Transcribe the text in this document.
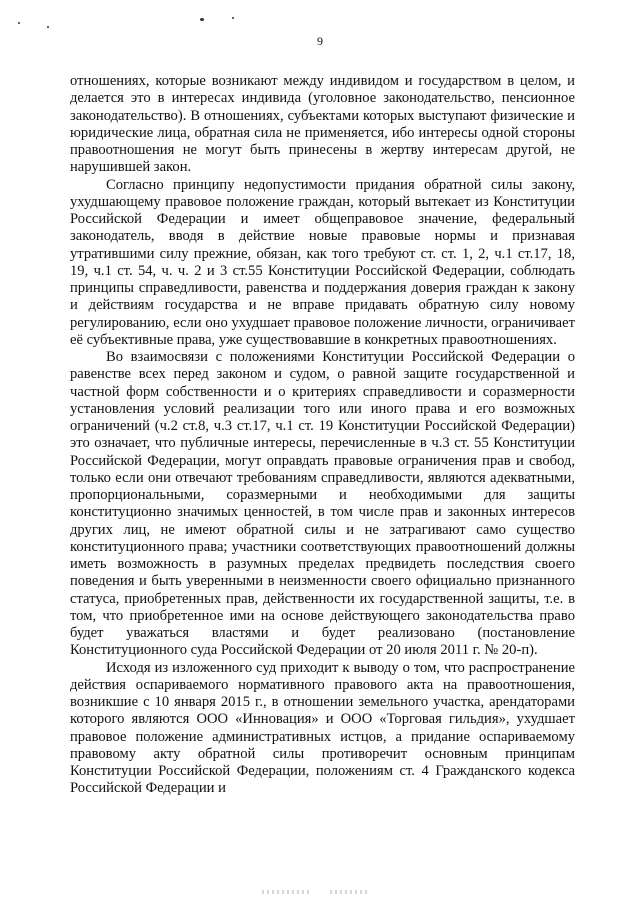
9

отношениях, которые возникают между индивидом и государством в целом, и делается это в интересах индивида (уголовное законодательство, пенсионное законодательство). В отношениях, субъектами которых выступают физические и юридические лица, обратная сила не применяется, ибо интересы одной стороны правоотношения не могут быть принесены в жертву интересам другой, не нарушившей закон.

Согласно принципу недопустимости придания обратной силы закону, ухудшающему правовое положение граждан, который вытекает из Конституции Российской Федерации и имеет общеправовое значение, федеральный законодатель, вводя в действие новые правовые нормы и признавая утратившими силу прежние, обязан, как того требуют ст. ст. 1, 2, ч.1 ст.17, 18, 19, ч.1 ст. 54, ч. ч. 2 и 3 ст.55 Конституции Российской Федерации, соблюдать принципы справедливости, равенства и поддержания доверия граждан к закону и действиям государства и не вправе придавать обратную силу новому регулированию, если оно ухудшает правовое положение личности, ограничивает её субъективные права, уже существовавшие в конкретных правоотношениях.

Во взаимосвязи с положениями Конституции Российской Федерации о равенстве всех перед законом и судом, о равной защите государственной и частной форм собственности и о критериях справедливости и соразмерности установления условий реализации того или иного права и его возможных ограничений (ч.2 ст.8, ч.3 ст.17, ч.1 ст. 19 Конституции Российской Федерации) это означает, что публичные интересы, перечисленные в ч.3 ст. 55 Конституции Российской Федерации, могут оправдать правовые ограничения прав и свобод, только если они отвечают требованиям справедливости, являются адекватными, пропорциональными, соразмерными и необходимыми для защиты конституционно значимых ценностей, в том числе прав и законных интересов других лиц, не имеют обратной силы и не затрагивают само существо конституционного права; участники соответствующих правоотношений должны иметь возможность в разумных пределах предвидеть последствия своего поведения и быть уверенными в неизменности своего официально признанного статуса, приобретенных прав, действенности их государственной защиты, т.е. в том, что приобретенное ими на основе действующего законодательства право будет уважаться властями и будет реализовано (постановление Конституционного суда Российской Федерации от 20 июля 2011 г. № 20-п).

Исходя из изложенного суд приходит к выводу о том, что распространение действия оспариваемого нормативного правового акта на правоотношения, возникшие с 10 января 2015 г., в отношении земельного участка, арендаторами которого являются ООО «Инновация» и ООО «Торговая гильдия», ухудшает правовое положение административных истцов, а придание оспариваемому правовому акту обратной силы противоречит основным принципам Конституции Российской Федерации, положениям ст. 4 Гражданского кодекса Российской Федерации и
